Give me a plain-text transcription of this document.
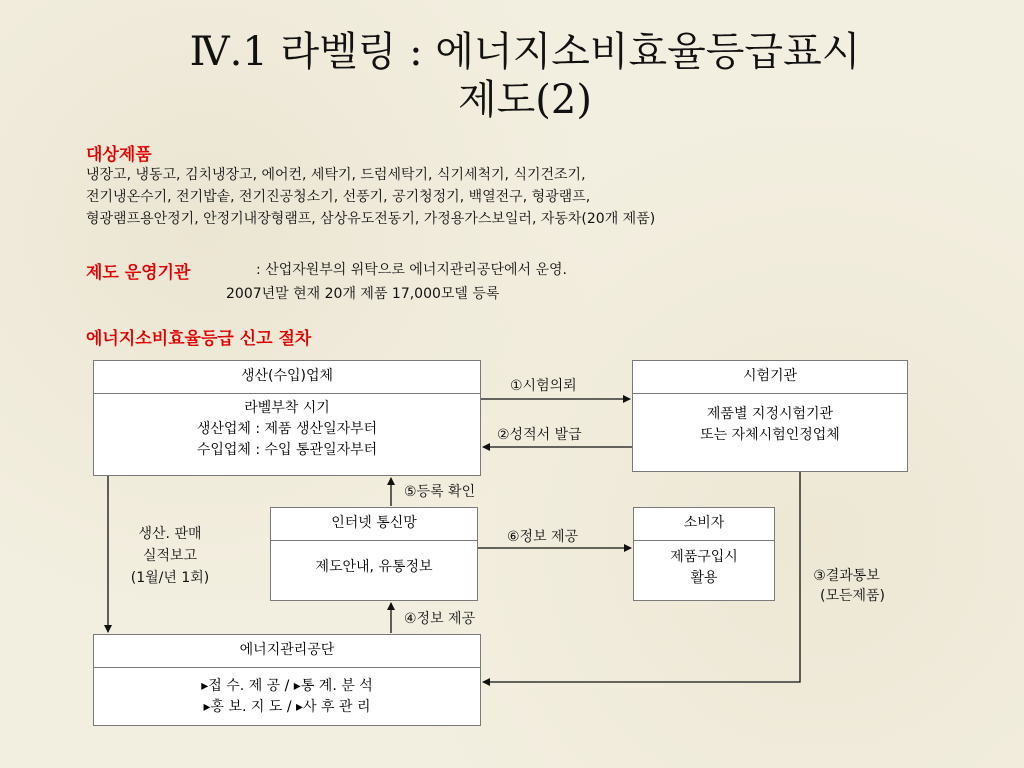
Ⅳ.1 라벨링 : 에너지소비효율등급표시
제도(2)
대상제품
냉장고, 냉동고, 김치냉장고, 에어컨, 세탁기, 드럼세탁기, 식기세척기, 식기건조기,
전기냉온수기, 전기밥솥, 전기진공청소기, 선풍기, 공기청정기, 백열전구, 형광램프,
형광램프용안정기, 안정기내장형램프, 삼상유도전동기, 가정용가스보일러, 자동차(20개 제품)
제도 운영기관	: 산업자원부의 위탁으로 에너지관리공단에서 운영.
2007년말 현재 20개 제품 17,000모델 등록
에너지소비효율등급 신고 절차
생산(수입)업체
라벨부착 시기
생산업체 : 제품 생산일자부터
수입업체 : 수입 통관일자부터
시험기관
제품별 지정시험기관
또는 자체시험인정업체
인터넷 통신망
제도안내, 유통정보
소비자
제품구입시
활용
에너지관리공단
▸접 수. 제 공 / ▸통 계. 분 석
▸홍 보. 지 도 / ▸사 후 관 리
①시험의뢰
②성적서 발급
⑤등록 확인
⑥정보 제공
④정보 제공
③결과통보
(모든제품)
생산. 판매
실적보고
(1월/년 1회)
